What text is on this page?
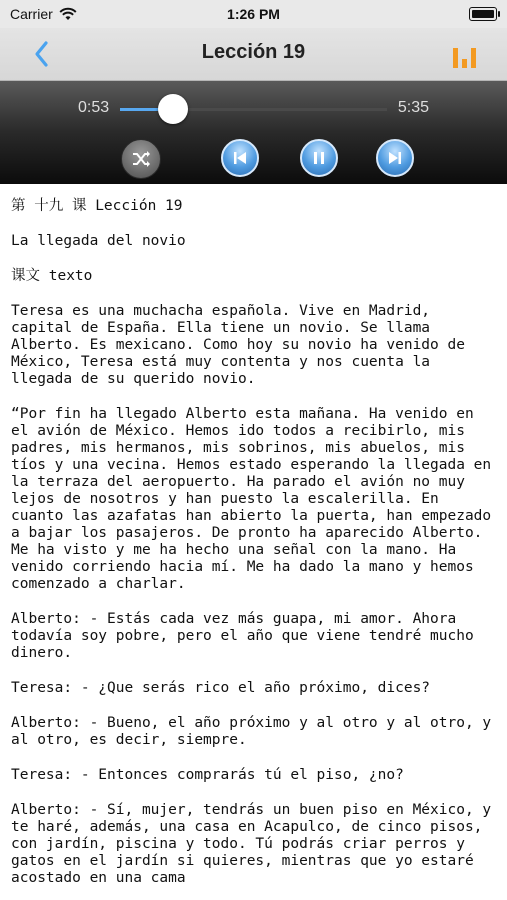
Carrier	1:26 PM
Lección 19
0:53	5:35

第 十九 课 Lección 19

La llegada del novio

课文 texto

Teresa es una muchacha española. Vive en Madrid, capital de España. Ella tiene un novio. Se llama Alberto. Es mexicano. Como hoy su novio ha venido de México, Teresa está muy contenta y nos cuenta la llegada de su querido novio.

“Por fin ha llegado Alberto esta mañana. Ha venido en el avión de México. Hemos ido todos a recibirlo, mis padres, mis hermanos, mis sobrinos, mis abuelos, mis tíos y una vecina. Hemos estado esperando la llegada en la terraza del aeropuerto. Ha parado el avión no muy lejos de nosotros y han puesto la escalerilla. En cuanto las azafatas han abierto la puerta, han empezado a bajar los pasajeros. De pronto ha aparecido Alberto. Me ha visto y me ha hecho una señal con la mano. Ha venido corriendo hacia mí. Me ha dado la mano y hemos comenzado a charlar.

Alberto: - Estás cada vez más guapa, mi amor. Ahora todavía soy pobre, pero el año que viene tendré mucho dinero.

Teresa: - ¿Que serás rico el año próximo, dices?

Alberto: - Bueno, el año próximo y al otro y al otro, y al otro, es decir, siempre.

Teresa: - Entonces comprarás tú el piso, ¿no?

Alberto: - Sí, mujer, tendrás un buen piso en México, y te haré, además, una casa en Acapulco, de cinco pisos, con jardín, piscina y todo. Tú podrás criar perros y gatos en el jardín si quieres, mientras que yo estaré acostado en una cama
